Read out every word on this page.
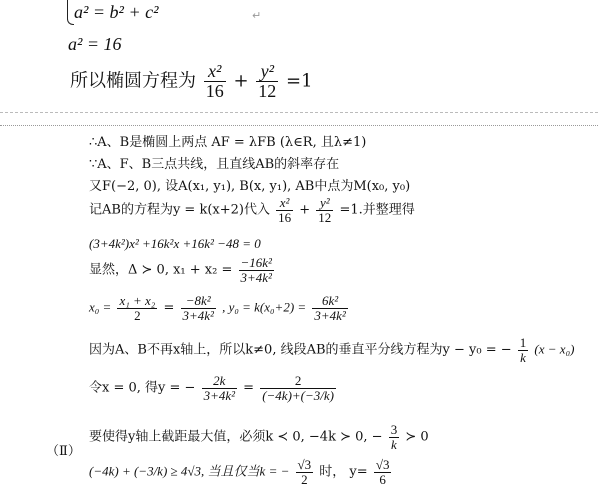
a² = b² + c²	↵
a² = 16
所以椭圆方程为 $\frac{\text{x²}}{16} + \frac{\text{y²}}{12} =1$
∴A、B是椭圆上两点 AF = λFB (λ∈R, 且λ≠1)
∵A、F、B三点共线，且直线AB的斜率存在
又F(−2, 0), 设A(x₁, y₁), B(x, y₁), AB中点为M(x₀, y₀)
记AB的方程为y = k(x+2)代入 $\frac{\text{x²}}{16} + \frac{\text{y²}}{12} =1$.并整理得
(3+4k²)x² +16k²x +16k² −48 = 0
显然，Δ ≻ 0, $x_1 + x_2 = \frac{\text{−16k²}}{\text{3+4k²}}$
$x_0 = \frac{\text{x₁ + x₂}}{2} = \frac{\text{−8k²}}{\text{3+4k²}}$ , $y_0 = k(x_0+2) = \frac{\text{6k²}}{\text{3+4k²}}$
因为A、B不再x轴上，所以k≠0, 线段AB的垂直平分线方程为y − y₀ = − $\frac{1}{k} (x - x_0)$
令x = 0, 得y = − $\frac{2k}{\text{3+4k²}} = \frac{2}{(-4k)+(-3/k)}$
要使得y轴上截距最大值，必须k ≺ 0, −4k ≻ 0, − $\frac{3}{k}$ ≻ 0
（Ⅱ）
(−4k) + (−3/k) ≥ 4√3, 当且仅当k = − $\frac{√3}{2}$ 时， $y= \frac{√3}{6}$
